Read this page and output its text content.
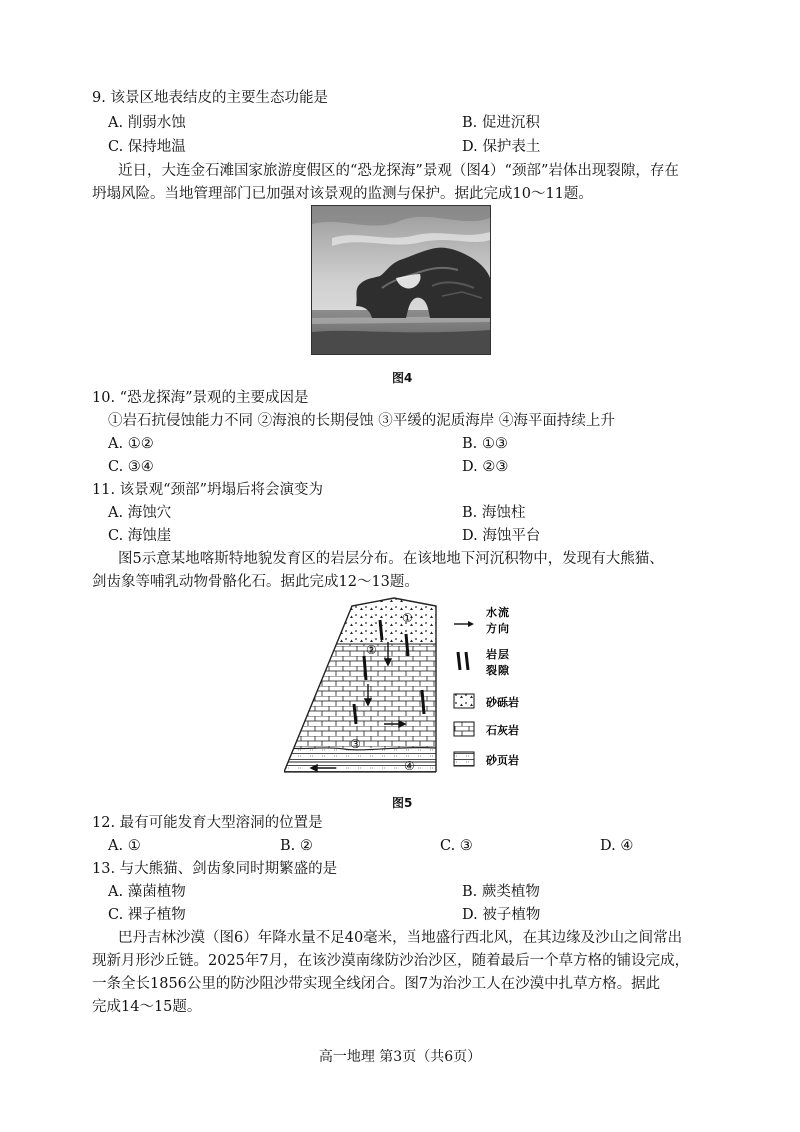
9. 该景区地表结皮的主要生态功能是
A. 削弱水蚀	B. 促进沉积
C. 保持地温	D. 保护表土
近日，大连金石滩国家旅游度假区的“恐龙探海”景观（图4）“颈部”岩体出现裂隙，存在
坍塌风险。当地管理部门已加强对该景观的监测与保护。据此完成10～11题。
图4
10. “恐龙探海”景观的主要成因是
①岩石抗侵蚀能力不同 ②海浪的长期侵蚀 ③平缓的泥质海岸 ④海平面持续上升
A. ①②	B. ①③
C. ③④	D. ②③
11. 该景观“颈部”坍塌后将会演变为
A. 海蚀穴	B. 海蚀柱
C. 海蚀崖	D. 海蚀平台
图5示意某地喀斯特地貌发育区的岩层分布。在该地地下河沉积物中，发现有大熊猫、
剑齿象等哺乳动物骨骼化石。据此完成12～13题。
①
②
③
④
水 流
方 向
岩 层
裂 隙
砂砾岩
石灰岩
砂页岩
图5
12. 最有可能发育大型溶洞的位置是
A. ①	B. ②	C. ③	D. ④
13. 与大熊猫、剑齿象同时期繁盛的是
A. 藻菌植物	B. 蕨类植物
C. 裸子植物	D. 被子植物
巴丹吉林沙漠（图6）年降水量不足40毫米，当地盛行西北风，在其边缘及沙山之间常出
现新月形沙丘链。2025年7月，在该沙漠南缘防沙治沙区，随着最后一个草方格的铺设完成，
一条全长1856公里的防沙阻沙带实现全线闭合。图7为治沙工人在沙漠中扎草方格。据此
完成14～15题。
高一地理 第3页（共6页）
